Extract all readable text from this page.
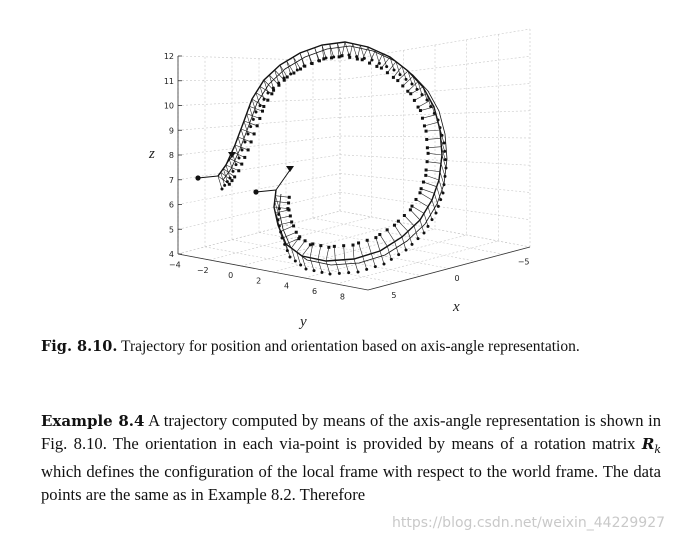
4
5
6
7
8
9
10
11
12
−4
−2
0
2
4
6
8
−5
0
5
z
y
x
Fig. 8.10. Trajectory for position and orientation based on axis-angle representation.
Example 8.4 A trajectory computed by means of the axis-angle representation is shown in Fig. 8.10. The orientation in each via-point is provided by means of a rotation matrix $R_k$ which defines the configuration of the local frame with respect to the world frame. The data points are the same as in Example 8.2. Therefore
https://blog.csdn.net/weixin_44229927
